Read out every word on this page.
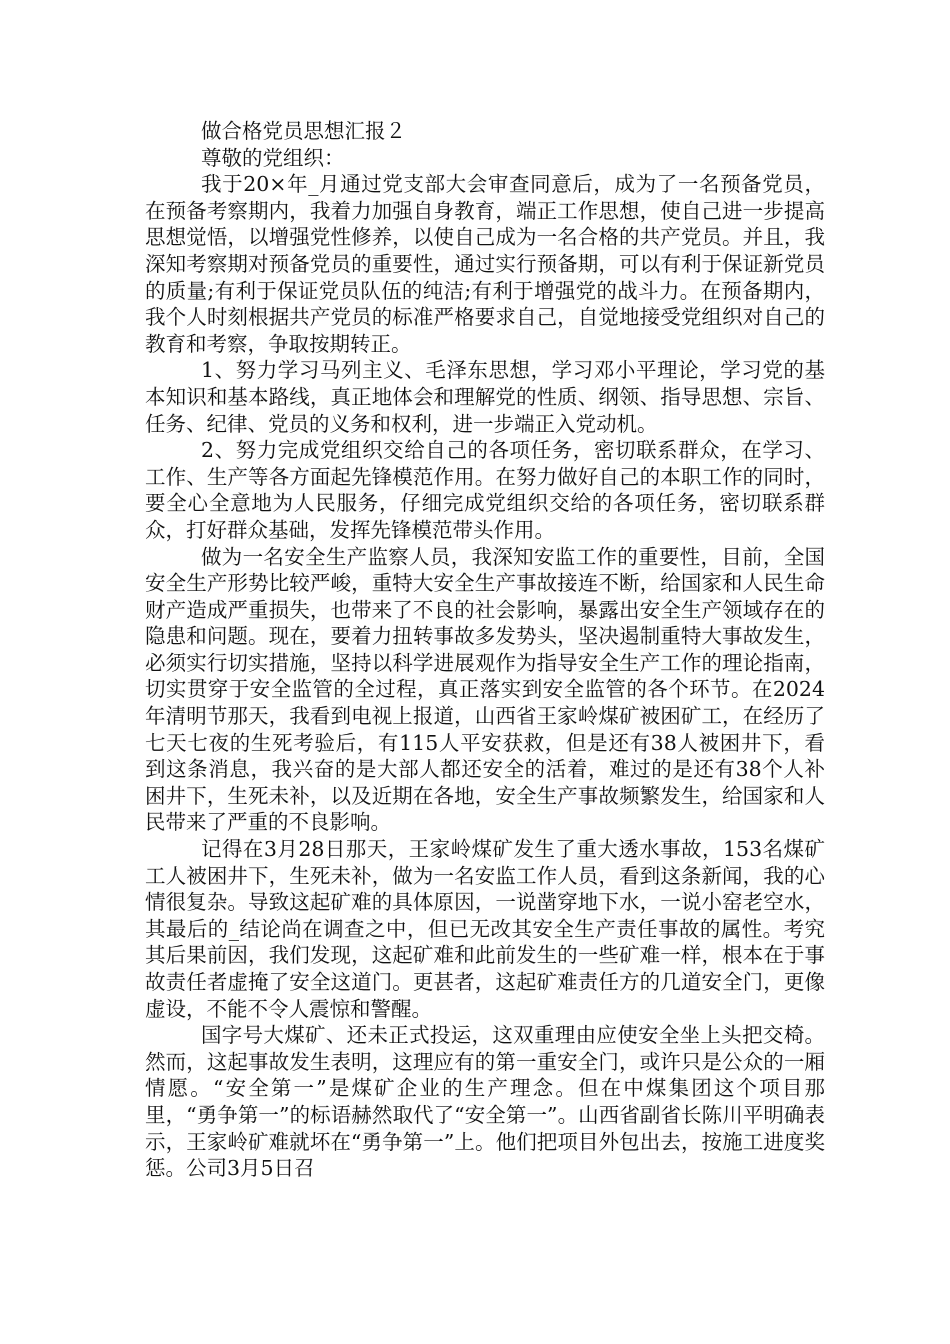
做合格党员思想汇报２
尊敬的党组织：

我于20×年_月通过党支部大会审查同意后，成为了一名预备党员，在预备考察期内，我着力加强自身教育，端正工作思想，使自己进一步提高思想觉悟，以增强党性修养，以使自己成为一名合格的共产党员。并且，我深知考察期对预备党员的重要性，通过实行预备期，可以有利于保证新党员的质量;有利于保证党员队伍的纯洁;有利于增强党的战斗力。在预备期内，我个人时刻根据共产党员的标准严格要求自己，自觉地接受党组织对自己的教育和考察，争取按期转正。

1、努力学习马列主义、毛泽东思想，学习邓小平理论，学习党的基本知识和基本路线，真正地体会和理解党的性质、纲领、指导思想、宗旨、任务、纪律、党员的义务和权利，进一步端正入党动机。

2、努力完成党组织交给自己的各项任务，密切联系群众，在学习、工作、生产等各方面起先锋模范作用。在努力做好自己的本职工作的同时，要全心全意地为人民服务，仔细完成党组织交给的各项任务，密切联系群众，打好群众基础，发挥先锋模范带头作用。

做为一名安全生产监察人员，我深知安监工作的重要性，目前，全国安全生产形势比较严峻，重特大安全生产事故接连不断，给国家和人民生命财产造成严重损失，也带来了不良的社会影响，暴露出安全生产领域存在的隐患和问题。现在，要着力扭转事故多发势头，坚决遏制重特大事故发生，必须实行切实措施，坚持以科学进展观作为指导安全生产工作的理论指南，切实贯穿于安全监管的全过程，真正落实到安全监管的各个环节。在2024年清明节那天，我看到电视上报道，山西省王家岭煤矿被困矿工，在经历了七天七夜的生死考验后，有115人平安获救，但是还有38人被困井下，看到这条消息，我兴奋的是大部人都还安全的活着，难过的是还有38个人补困井下，生死未补，以及近期在各地，安全生产事故频繁发生，给国家和人民带来了严重的不良影响。

记得在3月28日那天，王家岭煤矿发生了重大透水事故，153名煤矿工人被困井下，生死未补，做为一名安监工作人员，看到这条新闻，我的心情很复杂。导致这起矿难的具体原因，一说凿穿地下水，一说小窑老空水，其最后的_结论尚在调查之中，但已无改其安全生产责任事故的属性。考究其后果前因，我们发现，这起矿难和此前发生的一些矿难一样，根本在于事故责任者虚掩了安全这道门。更甚者，这起矿难责任方的几道安全门，更像虚设，不能不令人震惊和警醒。

国字号大煤矿、还未正式投运，这双重理由应使安全坐上头把交椅。然而，这起事故发生表明，这理应有的第一重安全门，或许只是公众的一厢情愿。“安全第一”是煤矿企业的生产理念。但在中煤集团这个项目那里，“勇争第一”的标语赫然取代了“安全第一”。山西省副省长陈川平明确表示，王家岭矿难就坏在“勇争第一”上。他们把项目外包出去，按施工进度奖惩。公司3月5日召
